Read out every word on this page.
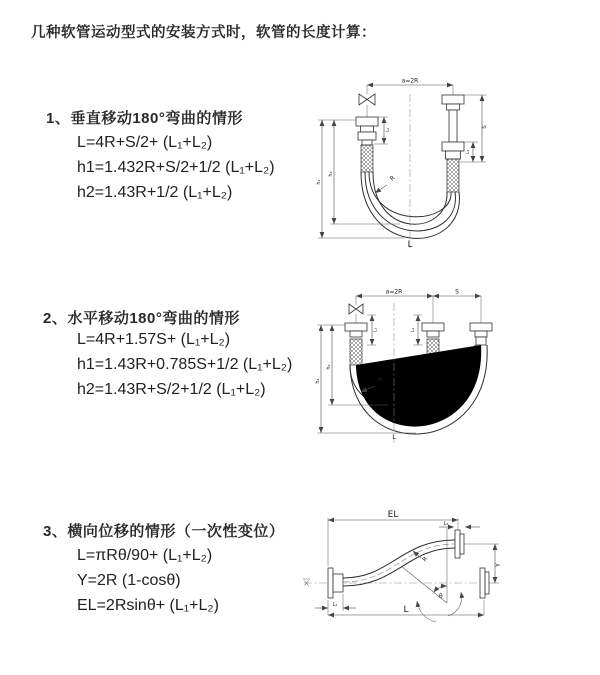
几种软管运动型式的安装方式时，软管的长度计算：
1、垂直移动180°弯曲的情形
L=4R+S/2+ (L₁+L₂)
h1=1.432R+S/2+1/2 (L₁+L₂)
h2=1.43R+1/2 (L₁+L₂)
2、水平移动180°弯曲的情形
L=4R+1.57S+ (L₁+L₂)
h1=1.43R+0.785S+1/2 (L₁+L₂)
h2=1.43R+S/2+1/2 (L₁+L₂)
3、横向位移的情形（一次性变位）
L=πRθ/90+ (L₁+L₂)
Y=2R (1-cosθ)
EL=2Rsinθ+ (L₁+L₂)
a=2R
h₁
h₂
L₁
S
L₁
R
L
a=2R	S
h₁
h₂
L₁	L₁
R
L
EL
L₁
Y
θ
R
L
L₁
